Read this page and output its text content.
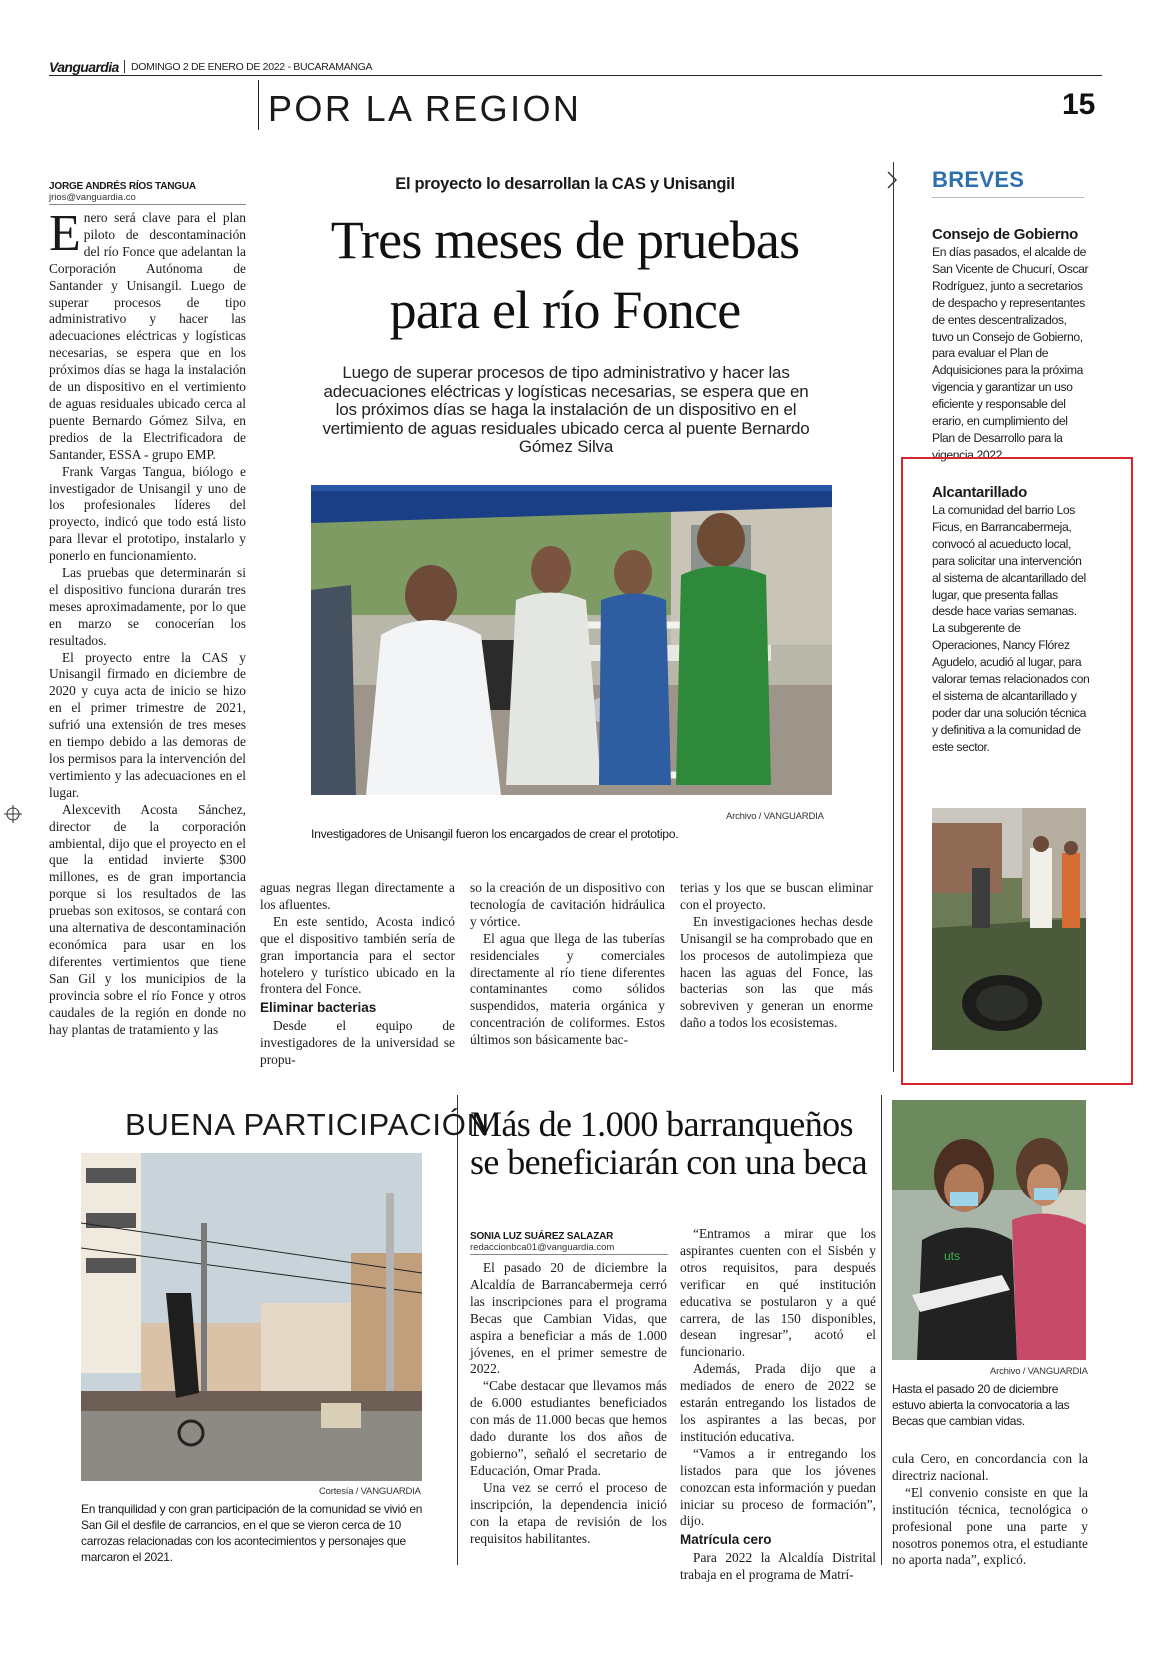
Vanguardia DOMINGO 2 DE ENERO DE 2022 - BUCARAMANGA
POR LA REGION	15
JORGE ANDRÉS RÍOS TANGUA
jrios@vanguardia.co
El proyecto lo desarrollan la CAS y Unisangil
Tres meses de pruebas
para el río Fonce
Luego de superar procesos de tipo administrativo y hacer las adecuaciones eléctricas y logísticas necesarias, se espera que en los próximos días se haga la instalación de un dispositivo en el vertimiento de aguas residuales ubicado cerca al puente Bernardo Gómez Silva
Archivo / VANGUARDIA
Investigadores de Unisangil fueron los encargados de crear el prototipo.

Enero será clave para el plan piloto de descontaminación del río Fonce que adelantan la Corporación Autónoma de Santander y Unisangil. Luego de superar procesos de tipo administrativo y hacer las adecuaciones eléctricas y logísticas necesarias, se espera que en los próximos días se haga la instalación de un dispositivo en el vertimiento de aguas residuales ubicado cerca al puente Bernardo Gómez Silva, en predios de la Electrificadora de Santander, ESSA - grupo EMP.

Frank Vargas Tangua, biólogo e investigador de Unisangil y uno de los profesionales líderes del proyecto, indicó que todo está listo para llevar el prototipo, instalarlo y ponerlo en funcionamiento.

Las pruebas que determinarán si el dispositivo funciona durarán tres meses aproximadamente, por lo que en marzo se conocerían los resultados.

El proyecto entre la CAS y Unisangil firmado en diciembre de 2020 y cuya acta de inicio se hizo en el primer trimestre de 2021, sufrió una extensión de tres meses en tiempo debido a las demoras de los permisos para la intervención del vertimiento y las adecuaciones en el lugar.

Alexcevith Acosta Sánchez, director de la corporación ambiental, dijo que el proyecto en el que la entidad invierte $300 millones, es de gran importancia porque si los resultados de las pruebas son exitosos, se contará con una alternativa de descontaminación económica para usar en los diferentes vertimientos que tiene San Gil y los municipios de la provincia sobre el río Fonce y otros caudales de la región en donde no hay plantas de tratamiento y las

aguas negras llegan directamente a los afluentes.

En este sentido, Acosta indicó que el dispositivo también sería de gran importancia para el sector hotelero y turístico ubicado en la frontera del Fonce.

Eliminar bacterias

Desde el equipo de investigadores de la universidad se propu-

so la creación de un dispositivo con tecnología de cavitación hidráulica y vórtice.

El agua que llega de las tuberías residenciales y comerciales directamente al río tiene diferentes contaminantes como sólidos suspendidos, materia orgánica y concentración de coliformes. Estos últimos son básicamente bac-

terias y los que se buscan eliminar con el proyecto.

En investigaciones hechas desde Unisangil se ha comprobado que en los procesos de autolimpieza que hacen las aguas del Fonce, las bacterias son las que más sobreviven y generan un enorme daño a todos los ecosistemas.

BREVES
Consejo de Gobierno
En días pasados, el alcalde de San Vicente de Chucurí, Oscar Rodríguez, junto a secretarios de despacho y representantes de entes descentralizados, tuvo un Consejo de Gobierno, para evaluar el Plan de Adquisiciones para la próxima vigencia y garantizar un uso eficiente y responsable del erario, en cumplimiento del Plan de Desarrollo para la vigencia 2022.
Alcantarillado
La comunidad del barrio Los Ficus, en Barrancabermeja, convocó al acueducto local, para solicitar una intervención al sistema de alcantarillado del lugar, que presenta fallas desde hace varias semanas. La subgerente de Operaciones, Nancy Flórez Agudelo, acudió al lugar, para valorar temas relacionados con el sistema de alcantarillado y poder dar una solución técnica y definitiva a la comunidad de este sector.
BUENA PARTICIPACIÓN
Cortesía / VANGUARDIA
En tranquilidad y con gran participación de la comunidad se vivió en San Gil el desfile de carrancios, en el que se vieron cerca de 10 carrozas relacionadas con los acontecimientos y personajes que marcaron el 2021.
Más de 1.000 barranqueños
se beneficiarán con una beca
SONIA LUZ SUÁREZ SALAZAR
redaccionbca01@vanguardia.com

El pasado 20 de diciembre la Alcaldía de Barrancabermeja cerró las inscripciones para el programa Becas que Cambian Vidas, que aspira a beneficiar a más de 1.000 jóvenes, en el primer semestre de 2022.

“Cabe destacar que llevamos más de 6.000 estudiantes beneficiados con más de 11.000 becas que hemos dado durante los dos años de gobierno”, señaló el secretario de Educación, Omar Prada.

Una vez se cerró el proceso de inscripción, la dependencia inició con la etapa de revisión de los requisitos habilitantes.

“Entramos a mirar que los aspirantes cuenten con el Sisbén y otros requisitos, para después verificar en qué institución educativa se postularon y a qué carrera, de las 150 disponibles, desean ingresar”, acotó el funcionario.

Además, Prada dijo que a mediados de enero de 2022 se estarán entregando los listados de los aspirantes a las becas, por institución educativa.

“Vamos a ir entregando los listados para que los jóvenes conozcan esta información y puedan iniciar su proceso de formación”, dijo.

Matrícula cero

Para 2022 la Alcaldía Distrital trabaja en el programa de Matrí-

uts
Archivo / VANGUARDIA
Hasta el pasado 20 de diciembre estuvo abierta la convocatoria a las Becas que cambian vidas.

cula Cero, en concordancia con la directriz nacional.

“El convenio consiste en que la institución técnica, tecnológica o profesional pone una parte y nosotros ponemos otra, el estudiante no aporta nada”, explicó.
